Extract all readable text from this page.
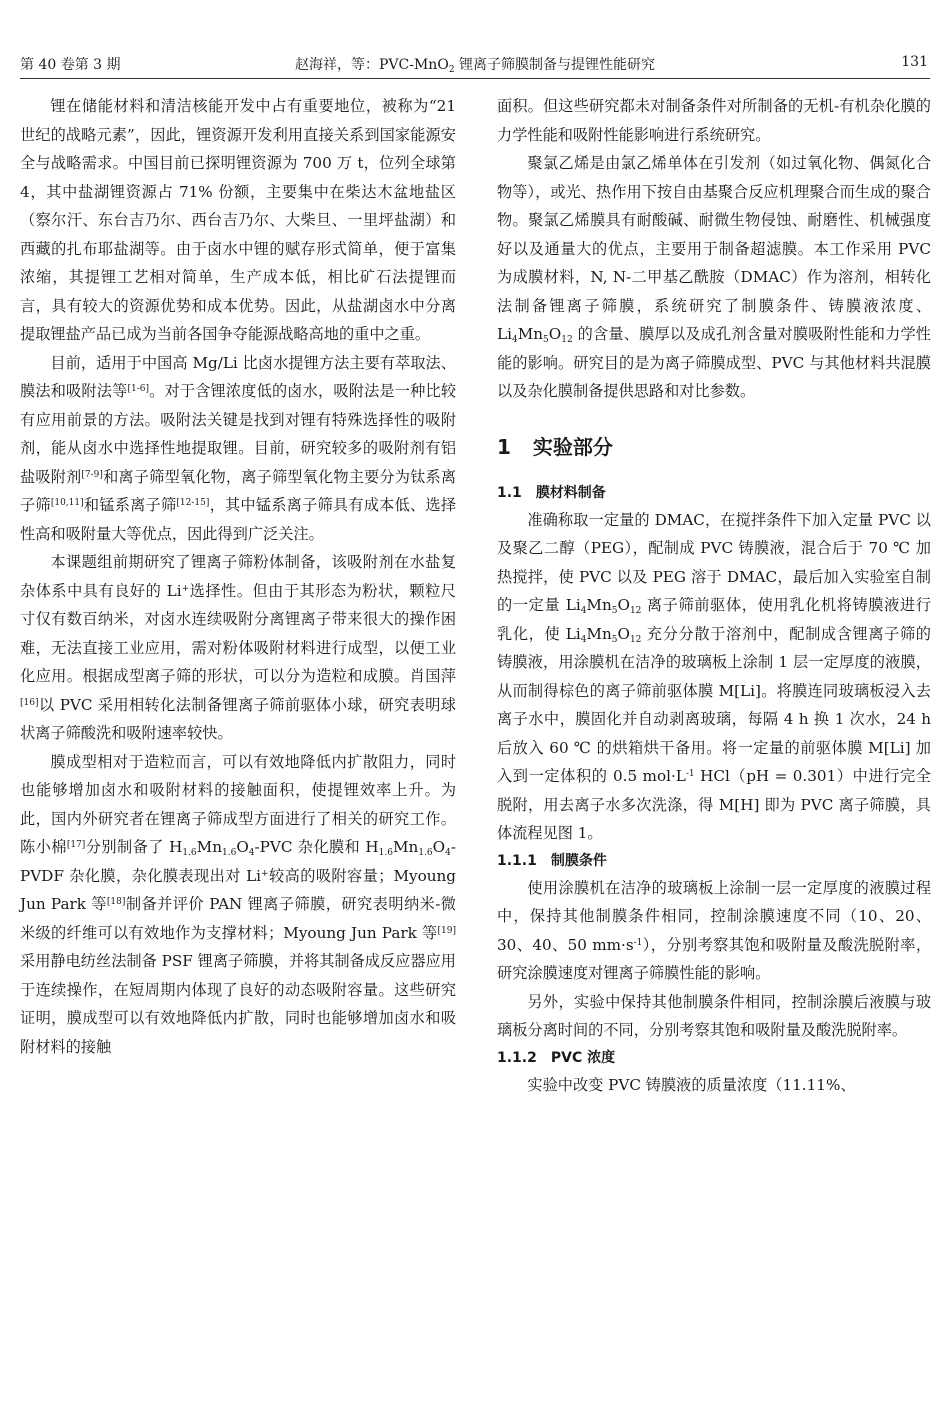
第 40 卷第 3 期	赵海祥，等：PVC-MnO$_2$ 锂离子筛膜制备与提锂性能研究	131

锂在储能材料和清洁核能开发中占有重要地位，被称为“21 世纪的战略元素”，因此，锂资源开发利用直接关系到国家能源安全与战略需求。中国目前已探明锂资源为 700 万 t，位列全球第 4，其中盐湖锂资源占 71% 份额，主要集中在柴达木盆地盐区（察尔汗、东台吉乃尔、西台吉乃尔、大柴旦、一里坪盐湖）和西藏的扎布耶盐湖等。由于卤水中锂的赋存形式简单，便于富集浓缩，其提锂工艺相对简单，生产成本低，相比矿石法提锂而言，具有较大的资源优势和成本优势。因此，从盐湖卤水中分离提取锂盐产品已成为当前各国争夺能源战略高地的重中之重。

目前，适用于中国高 Mg/Li 比卤水提锂方法主要有萃取法、膜法和吸附法等[1-6]。对于含锂浓度低的卤水，吸附法是一种比较有应用前景的方法。吸附法关键是找到对锂有特殊选择性的吸附剂，能从卤水中选择性地提取锂。目前，研究较多的吸附剂有铝盐吸附剂[7-9]和离子筛型氧化物，离子筛型氧化物主要分为钛系离子筛[10,11]和锰系离子筛[12-15]，其中锰系离子筛具有成本低、选择性高和吸附量大等优点，因此得到广泛关注。

本课题组前期研究了锂离子筛粉体制备，该吸附剂在水盐复杂体系中具有良好的 Li+选择性。但由于其形态为粉状，颗粒尺寸仅有数百纳米，对卤水连续吸附分离锂离子带来很大的操作困难，无法直接工业应用，需对粉体吸附材料进行成型，以便工业化应用。根据成型离子筛的形状，可以分为造粒和成膜。肖国萍[16]以 PVC 采用相转化法制备锂离子筛前驱体小球，研究表明球状离子筛酸洗和吸附速率较快。

膜成型相对于造粒而言，可以有效地降低内扩散阻力，同时也能够增加卤水和吸附材料的接触面积，使提锂效率上升。为此，国内外研究者在锂离子筛成型方面进行了相关的研究工作。陈小棉[17]分别制备了 $H_{1.6}Mn_{1.6}O_4$-PVC 杂化膜和 $H_{1.6}Mn_{1.6}O_4$-PVDF 杂化膜，杂化膜表现出对 Li+较高的吸附容量；Myoung Jun Park 等[18]制备并评价 PAN 锂离子筛膜，研究表明纳米-微米级的纤维可以有效地作为支撑材料；Myoung Jun Park 等[19]采用静电纺丝法制备 PSF 锂离子筛膜，并将其制备成反应器应用于连续操作，在短周期内体现了良好的动态吸附容量。这些研究证明，膜成型可以有效地降低内扩散，同时也能够增加卤水和吸附材料的接触

面积。但这些研究都未对制备条件对所制备的无机-有机杂化膜的力学性能和吸附性能影响进行系统研究。

聚氯乙烯是由氯乙烯单体在引发剂（如过氧化物、偶氮化合物等），或光、热作用下按自由基聚合反应机理聚合而生成的聚合物。聚氯乙烯膜具有耐酸碱、耐微生物侵蚀、耐磨性、机械强度好以及通量大的优点，主要用于制备超滤膜。本工作采用 PVC 为成膜材料，N, N-二甲基乙酰胺（DMAC）作为溶剂，相转化法制备锂离子筛膜，系统研究了制膜条件、铸膜液浓度、$Li_4Mn_5O_{12}$ 的含量、膜厚以及成孔剂含量对膜吸附性能和力学性能的影响。研究目的是为离子筛膜成型、PVC 与其他材料共混膜以及杂化膜制备提供思路和对比参数。

1 实验部分
1.1 膜材料制备

准确称取一定量的 DMAC，在搅拌条件下加入定量 PVC 以及聚乙二醇（PEG），配制成 PVC 铸膜液，混合后于 70 ℃ 加热搅拌，使 PVC 以及 PEG 溶于 DMAC，最后加入实验室自制的一定量 $Li_4Mn_5O_{12}$ 离子筛前驱体，使用乳化机将铸膜液进行乳化，使 $Li_4Mn_5O_{12}$ 充分分散于溶剂中，配制成含锂离子筛的铸膜液，用涂膜机在洁净的玻璃板上涂制 1 层一定厚度的液膜，从而制得棕色的离子筛前驱体膜 M[Li]。将膜连同玻璃板浸入去离子水中，膜固化并自动剥离玻璃，每隔 4 h 换 1 次水，24 h 后放入 60 ℃ 的烘箱烘干备用。将一定量的前驱体膜 M[Li] 加入到一定体积的 0.5 $mol\cdot L^{-1}$ HCl（pH = 0.301）中进行完全脱附，用去离子水多次洗涤，得 M[H] 即为 PVC 离子筛膜，具体流程见图 1。

1.1.1 制膜条件

使用涂膜机在洁净的玻璃板上涂制一层一定厚度的液膜过程中，保持其他制膜条件相同，控制涂膜速度不同（10、20、30、40、50 $mm\cdot s^{-1}$），分别考察其饱和吸附量及酸洗脱附率，研究涂膜速度对锂离子筛膜性能的影响。

另外，实验中保持其他制膜条件相同，控制涂膜后液膜与玻璃板分离时间的不同，分别考察其饱和吸附量及酸洗脱附率。

1.1.2 PVC 浓度

实验中改变 PVC 铸膜液的质量浓度（11.11%、
